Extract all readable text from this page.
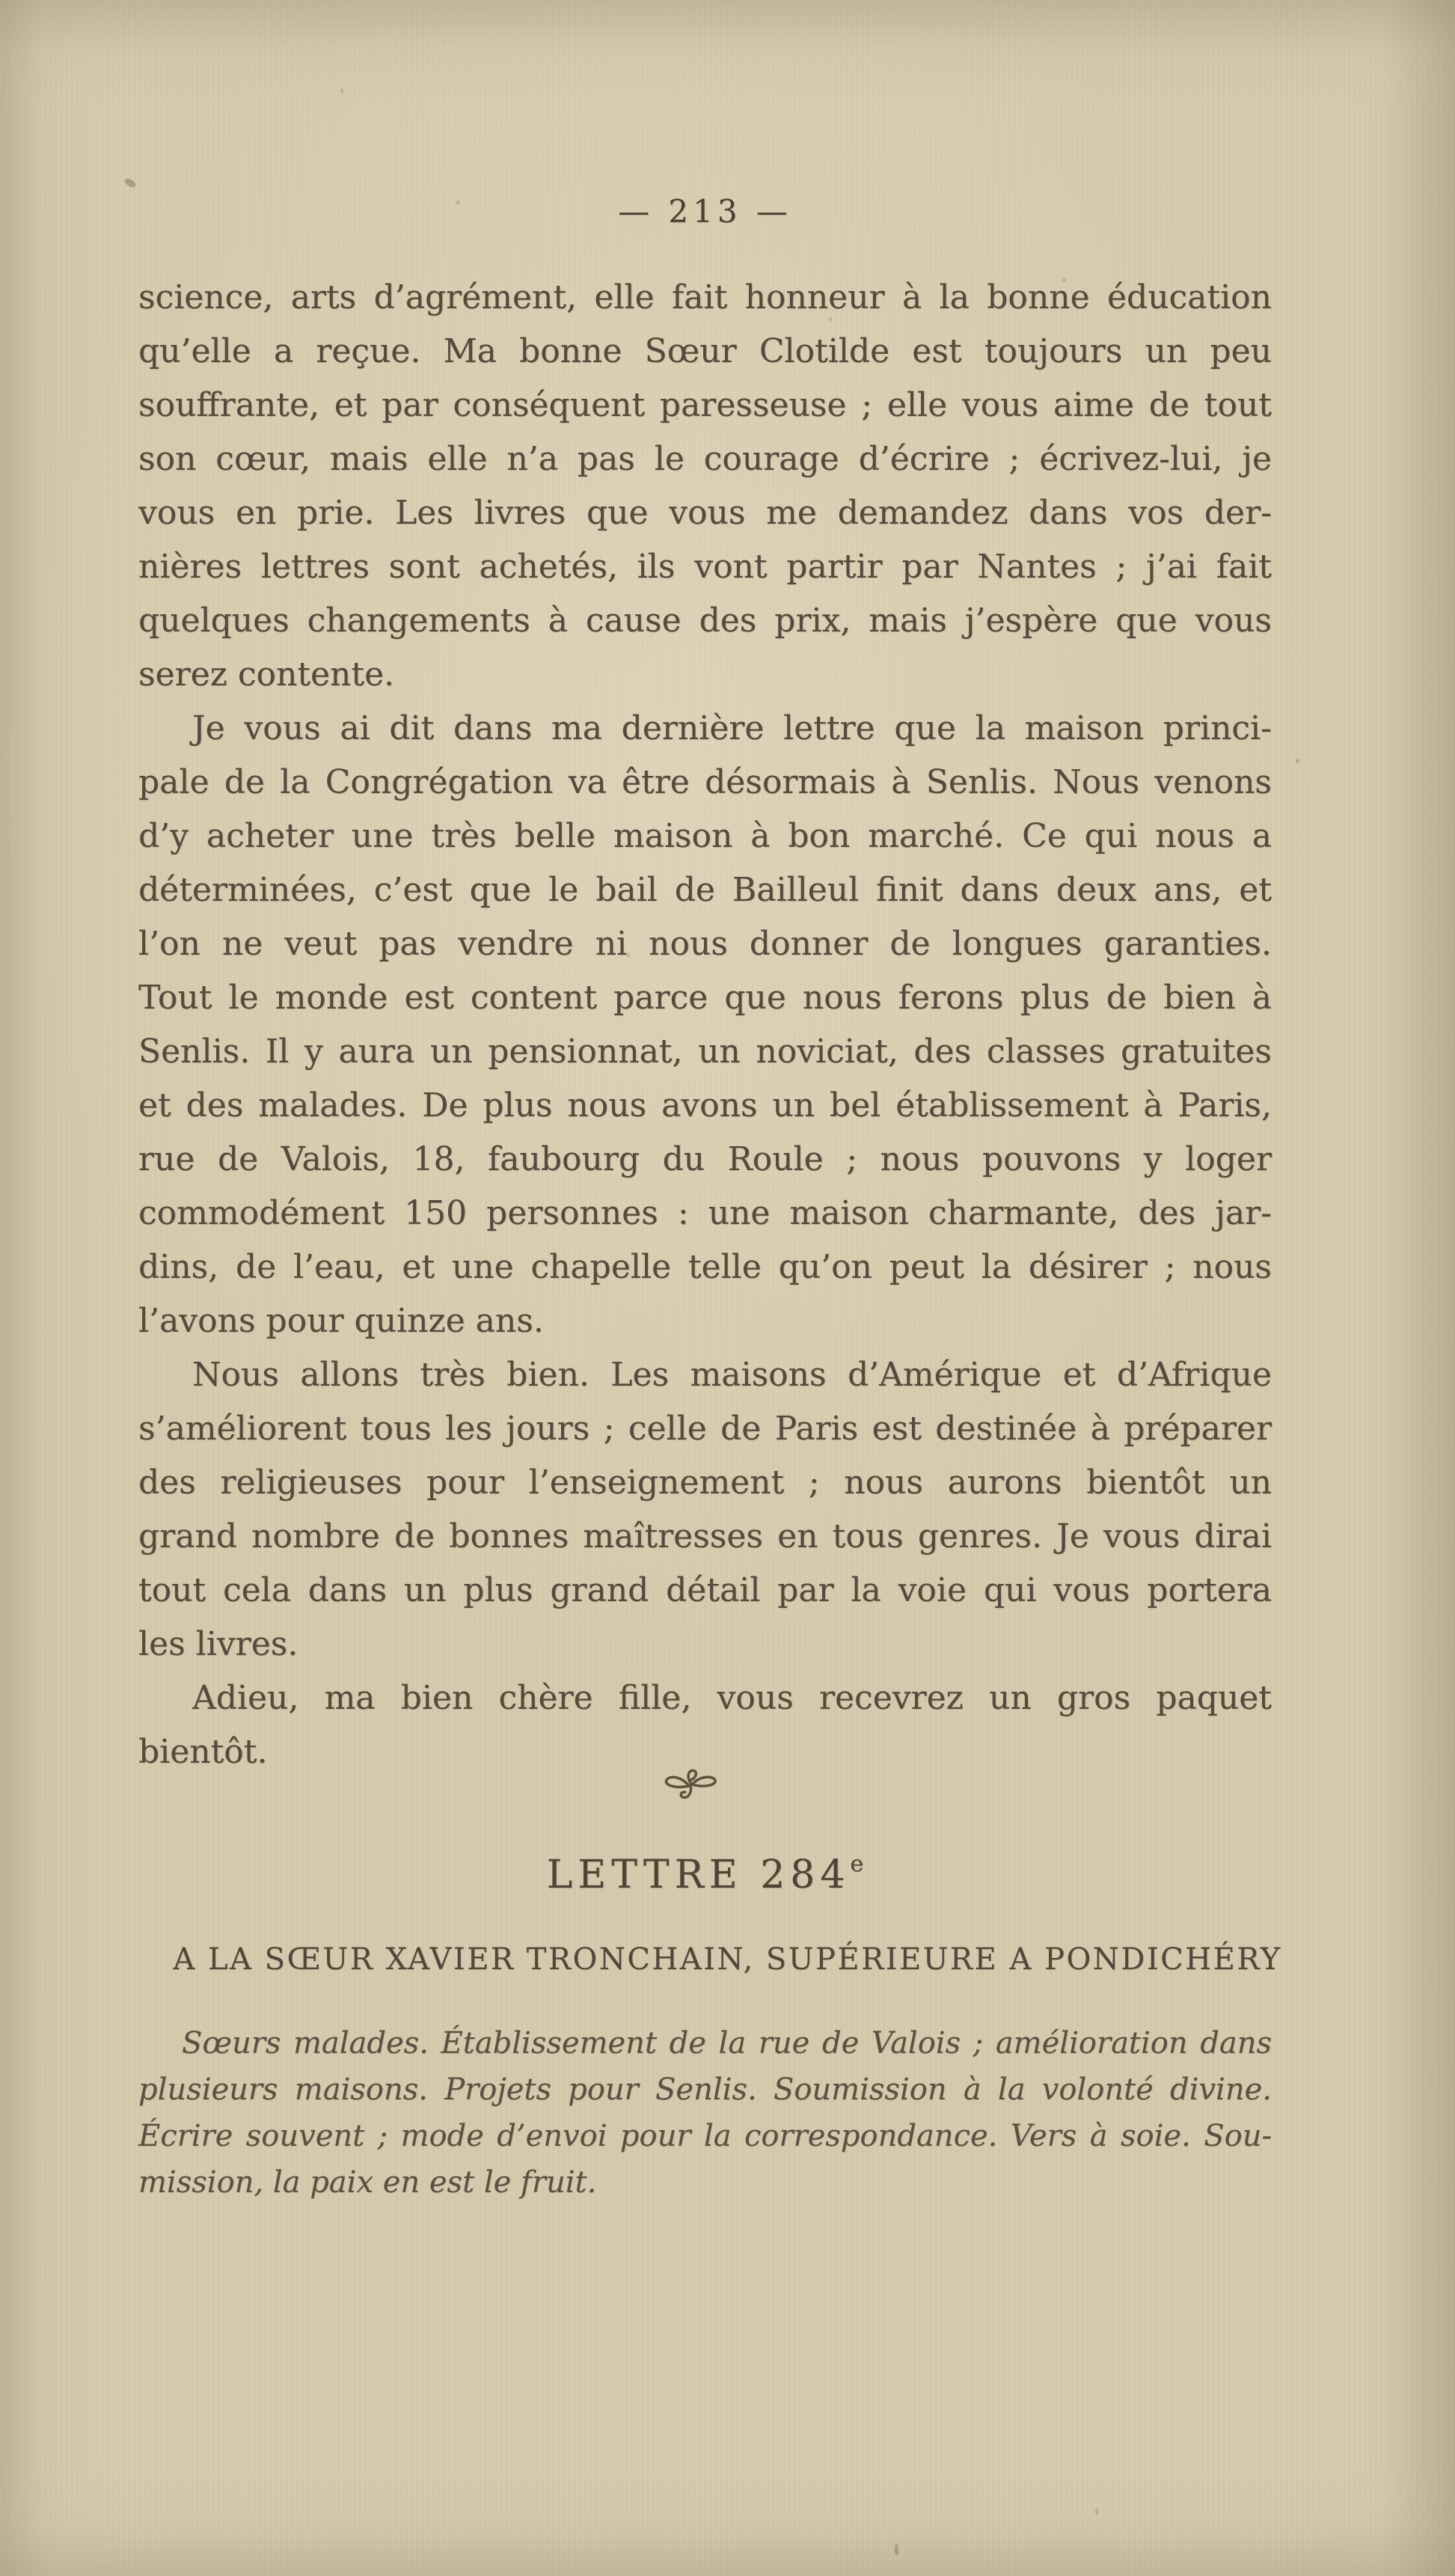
— 213 —
science, arts d’agrément, elle fait honneur à la bonne éducation
qu’elle a reçue. Ma bonne Sœur Clotilde est toujours un peu
souffrante, et par conséquent paresseuse ; elle vous aime de tout
son cœur, mais elle n’a pas le courage d’écrire ; écrivez-lui, je
vous en prie. Les livres que vous me demandez dans vos der-
nières lettres sont achetés, ils vont partir par Nantes ; j’ai fait
quelques changements à cause des prix, mais j’espère que vous
serez contente.
Je vous ai dit dans ma dernière lettre que la maison princi-
pale de la Congrégation va être désormais à Senlis. Nous venons
d’y acheter une très belle maison à bon marché. Ce qui nous a
déterminées, c’est que le bail de Bailleul finit dans deux ans, et
l’on ne veut pas vendre ni nous donner de longues garanties.
Tout le monde est content parce que nous ferons plus de bien à
Senlis. Il y aura un pensionnat, un noviciat, des classes gratuites
et des malades. De plus nous avons un bel établissement à Paris,
rue de Valois, 18, faubourg du Roule ; nous pouvons y loger
commodément 150 personnes : une maison charmante, des jar-
dins, de l’eau, et une chapelle telle qu’on peut la désirer ; nous
l’avons pour quinze ans.
Nous allons très bien. Les maisons d’Amérique et d’Afrique
s’améliorent tous les jours ; celle de Paris est destinée à préparer
des religieuses pour l’enseignement ; nous aurons bientôt un
grand nombre de bonnes maîtresses en tous genres. Je vous dirai
tout cela dans un plus grand détail par la voie qui vous portera
les livres.
Adieu, ma bien chère fille, vous recevrez un gros paquet
bientôt.
LETTRE 284e
A LA SŒUR XAVIER TRONCHAIN, SUPÉRIEURE A PONDICHÉRY
Sœurs malades. Établissement de la rue de Valois ; amélioration dans
plusieurs maisons. Projets pour Senlis. Soumission à la volonté divine.
Écrire souvent ; mode d’envoi pour la correspondance. Vers à soie. Sou-
mission, la paix en est le fruit.
